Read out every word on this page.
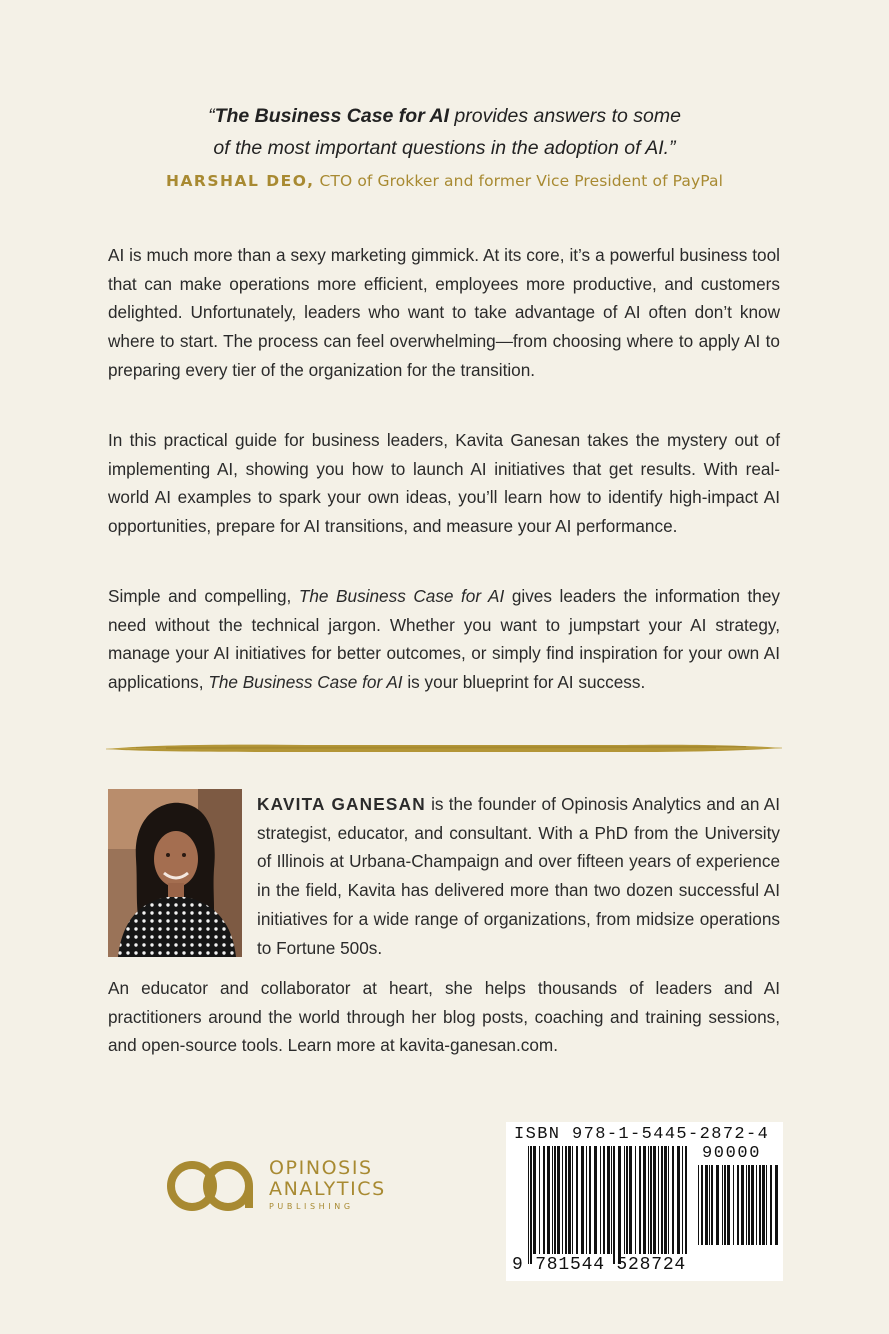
“The Business Case for AI provides answers to some
of the most important questions in the adoption of AI.”
HARSHAL DEO, CTO of Grokker and former Vice President of PayPal

AI is much more than a sexy marketing gimmick. At its core, it’s a powerful business tool that can make operations more efficient, employees more productive, and customers delighted. Unfortunately, leaders who want to take advantage of AI often don’t know where to start. The process can feel overwhelming—from choosing where to apply AI to preparing every tier of the organization for the transition.

In this practical guide for business leaders, Kavita Ganesan takes the mystery out of implementing AI, showing you how to launch AI initiatives that get results. With real-world AI examples to spark your own ideas, you’ll learn how to identify high-impact AI opportunities, prepare for AI transitions, and measure your AI performance.

Simple and compelling, The Business Case for AI gives leaders the information they need without the technical jargon. Whether you want to jumpstart your AI strategy, manage your AI initiatives for better outcomes, or simply find inspiration for your own AI applications, The Business Case for AI is your blueprint for AI success.

KAVITA GANESAN is the founder of Opinosis Analytics and an AI strategist, educator, and consultant. With a PhD from the University of Illinois at Urbana-Champaign and over fifteen years of experience in the field, Kavita has delivered more than two dozen successful AI initiatives for a wide range of organizations, from midsize operations to Fortune 500s.

An educator and collaborator at heart, she helps thousands of leaders and AI practitioners around the world through her blog posts, coaching and training sessions, and open-source tools. Learn more at kavita-ganesan.com.

OPINOSIS
ANALYTICS
PUBLISHING
ISBN 978-1-5445-2872-4
90000
9 781544 528724
